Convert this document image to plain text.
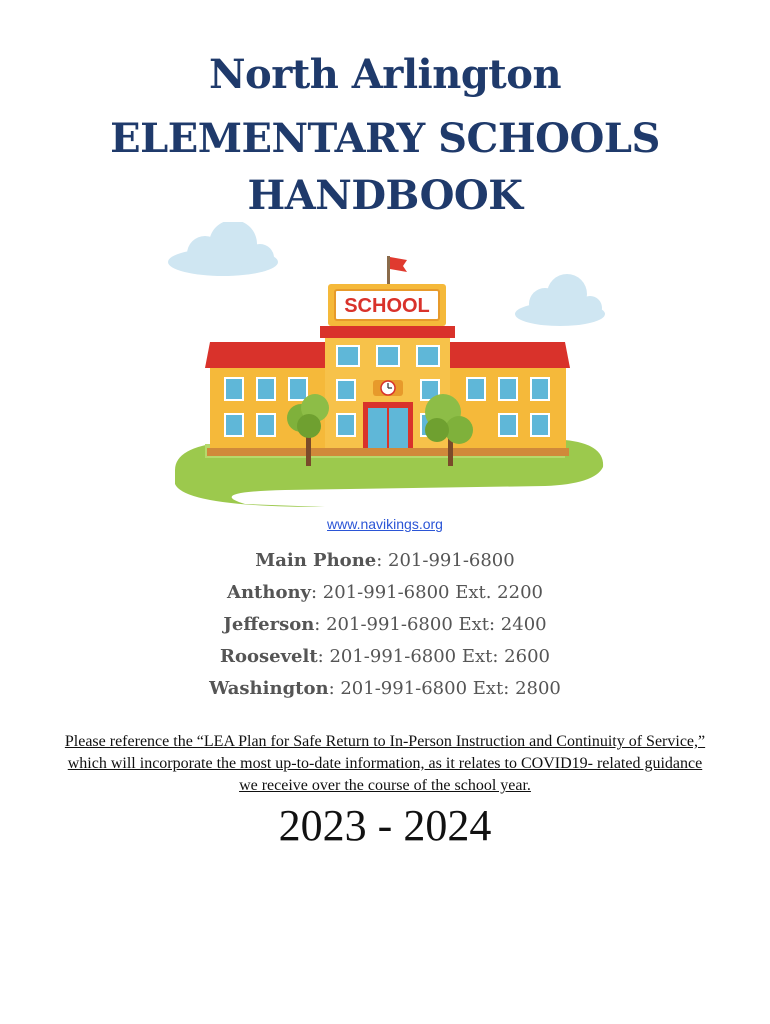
North Arlington
ELEMENTARY SCHOOLS
HANDBOOK
SCHOOL
www.navikings.org
Main Phone: 201-991-6800
Anthony: 201-991-6800 Ext. 2200
Jefferson: 201-991-6800 Ext: 2400
Roosevelt: 201-991-6800 Ext: 2600
Washington: 201-991-6800 Ext: 2800
Please reference the “LEA Plan for Safe Return to In-Person Instruction and Continuity of Service,” which will incorporate the most up-to-date information, as it relates to COVID19- related guidance we receive over the course of the school year.
2023 - 2024
